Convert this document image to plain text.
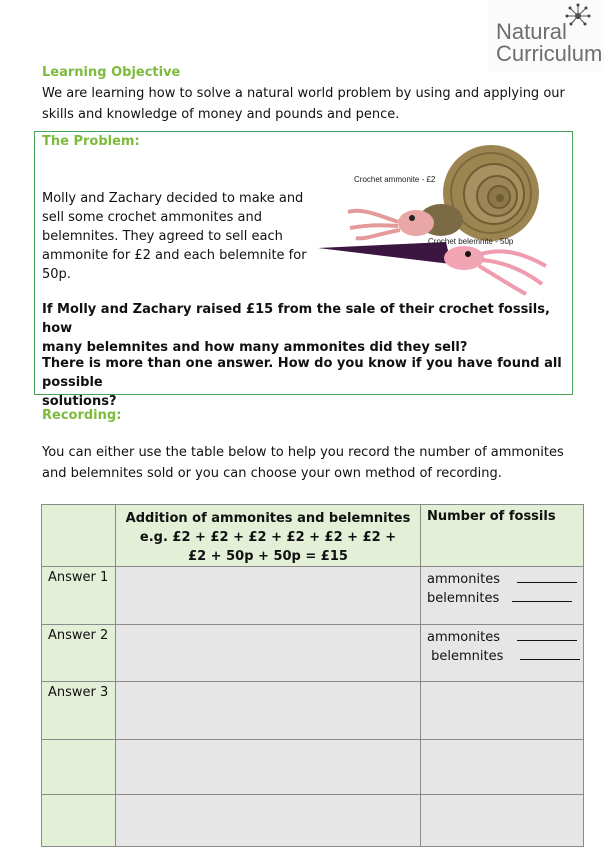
Natural
Curriculum
Learning Objective
We are learning how to solve a natural world problem by using and applying our
skills and knowledge of money and pounds and pence.
The Problem:
Molly and Zachary decided to make and
sell some crochet ammonites and
belemnites. They agreed to sell each
ammonite for £2 and each belemnite for
50p.
Crochet ammonite - £2
Crochet belemnite - 50p
If Molly and Zachary raised £15 from the sale of their crochet fossils, how
many belemnites and how many ammonites did they sell?
There is more than one answer. How do you know if you have found all possible
solutions?
Recording:
You can either use the table below to help you record the number of ammonites
and belemnites sold or you can choose your own method of recording.

	Addition of ammonites and belemnites
e.g. £2 + £2 + £2 + £2 + £2 + £2 +
£2 + 50p + 50p = £15	Number of fossils
Answer 1		ammonites
belemnites

Answer 2		ammonites
belemnites

Answer 3		
